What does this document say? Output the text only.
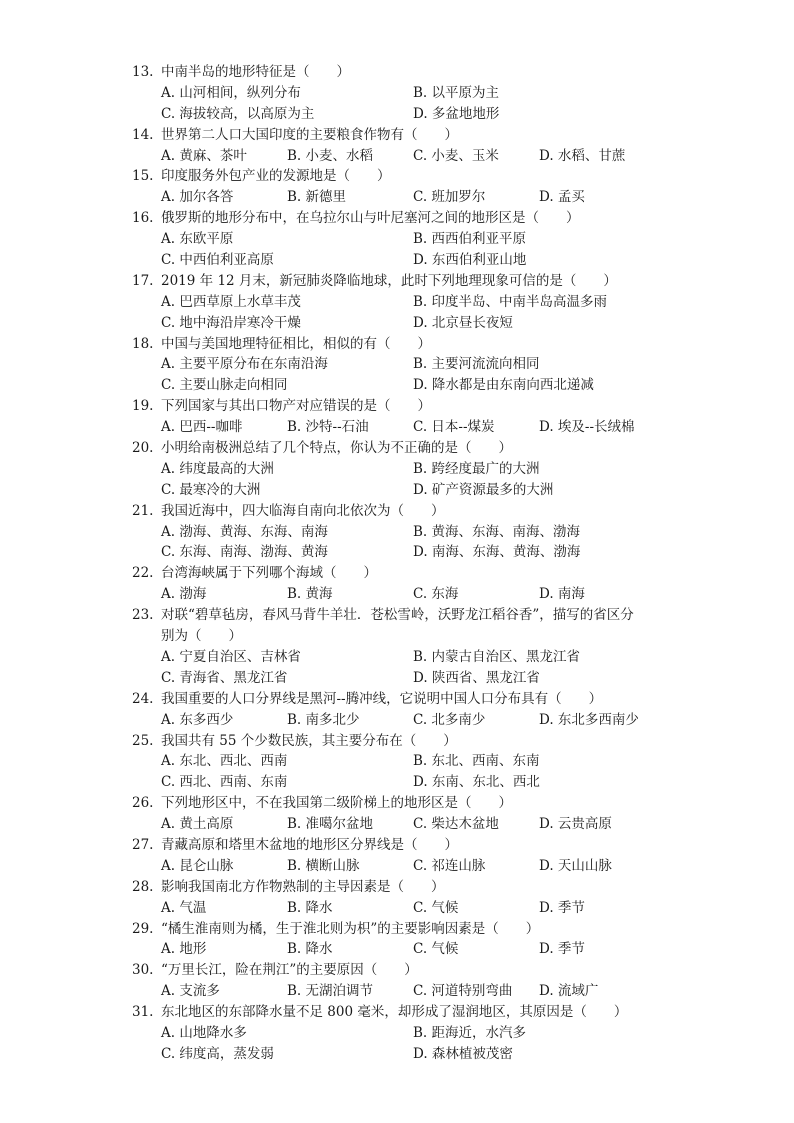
13. 中南半岛的地形特征是（　　）
A. 山河相间，纵列分布	B. 以平原为主
C. 海拔较高，以高原为主	D. 多盆地地形
14. 世界第二人口大国印度的主要粮食作物有（　　）
A. 黄麻、茶叶	B. 小麦、水稻	C. 小麦、玉米	D. 水稻、甘蔗
15. 印度服务外包产业的发源地是（　　）
A. 加尔各答	B. 新德里	C. 班加罗尔	D. 孟买
16. 俄罗斯的地形分布中，在乌拉尔山与叶尼塞河之间的地形区是（　　）
A. 东欧平原	B. 西西伯利亚平原
C. 中西伯利亚高原	D. 东西伯利亚山地
17. 2019 年 12 月末，新冠肺炎降临地球，此时下列地理现象可信的是（　　）
A. 巴西草原上水草丰茂	B. 印度半岛、中南半岛高温多雨
C. 地中海沿岸寒冷干燥	D. 北京昼长夜短
18. 中国与美国地理特征相比，相似的有（　　）
A. 主要平原分布在东南沿海	B. 主要河流流向相同
C. 主要山脉走向相同	D. 降水都是由东南向西北递减
19. 下列国家与其出口物产对应错误的是（　　）
A. 巴西--咖啡	B. 沙特--石油	C. 日本--煤炭	D. 埃及--长绒棉
20. 小明给南极洲总结了几个特点，你认为不正确的是（　　）
A. 纬度最高的大洲	B. 跨经度最广的大洲
C. 最寒冷的大洲	D. 矿产资源最多的大洲
21. 我国近海中，四大临海自南向北依次为（　　）
A. 渤海、黄海、东海、南海	B. 黄海、东海、南海、渤海
C. 东海、南海、渤海、黄海	D. 南海、东海、黄海、渤海
22. 台湾海峡属于下列哪个海域（　　）
A. 渤海	B. 黄海	C. 东海	D. 南海
23. 对联“碧草毡房，春风马背牛羊壮．苍松雪岭，沃野龙江稻谷香”，描写的省区分
别为（　　）
A. 宁夏自治区、吉林省	B. 内蒙古自治区、黑龙江省
C. 青海省、黑龙江省	D. 陕西省、黑龙江省
24. 我国重要的人口分界线是黑河--腾冲线，它说明中国人口分布具有（　　）
A. 东多西少	B. 南多北少	C. 北多南少	D. 东北多西南少
25. 我国共有 55 个少数民族，其主要分布在（　　）
A. 东北、西北、西南	B. 东北、西南、东南
C. 西北、西南、东南	D. 东南、东北、西北
26. 下列地形区中，不在我国第二级阶梯上的地形区是（　　）
A. 黄土高原	B. 准噶尔盆地	C. 柴达木盆地	D. 云贵高原
27. 青藏高原和塔里木盆地的地形区分界线是（　　）
A. 昆仑山脉	B. 横断山脉	C. 祁连山脉	D. 天山山脉
28. 影响我国南北方作物熟制的主导因素是（　　）
A. 气温	B. 降水	C. 气候	D. 季节
29. “橘生淮南则为橘，生于淮北则为枳”的主要影响因素是（　　）
A. 地形	B. 降水	C. 气候	D. 季节
30. “万里长江，险在荆江”的主要原因（　　）
A. 支流多	B. 无湖泊调节	C. 河道特别弯曲 D. 流域广
31. 东北地区的东部降水量不足 800 毫米，却形成了湿润地区，其原因是（　　）
A. 山地降水多	B. 距海近，水汽多
C. 纬度高，蒸发弱	D. 森林植被茂密
